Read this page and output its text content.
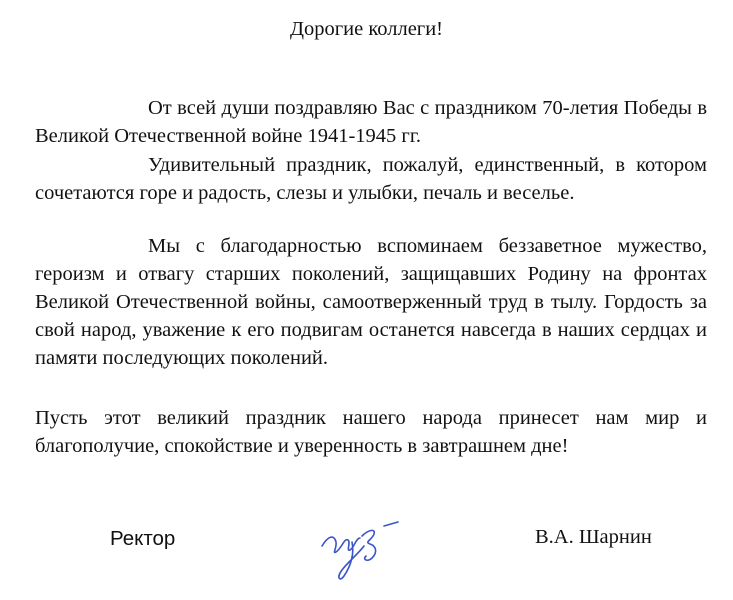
Дорогие коллеги!

От всей души поздравляю Вас с праздником 70-летия Победы в Великой Отечественной войне 1941-1945 гг.

Удивительный праздник, пожалуй, единственный, в котором сочетаются горе и радость, слезы и улыбки, печаль и веселье.

Мы с благодарностью вспоминаем беззаветное мужество, героизм и отвагу старших поколений, защищавших Родину на фронтах Великой Отечественной войны, самоотверженный труд в тылу. Гордость за свой народ, уважение к его подвигам останется навсегда в наших сердцах и памяти последующих поколений.

Пусть этот великий праздник нашего народа принесет нам мир и благополучие, спокойствие и уверенность в завтрашнем дне!

Ректор	В.А. Шарнин
